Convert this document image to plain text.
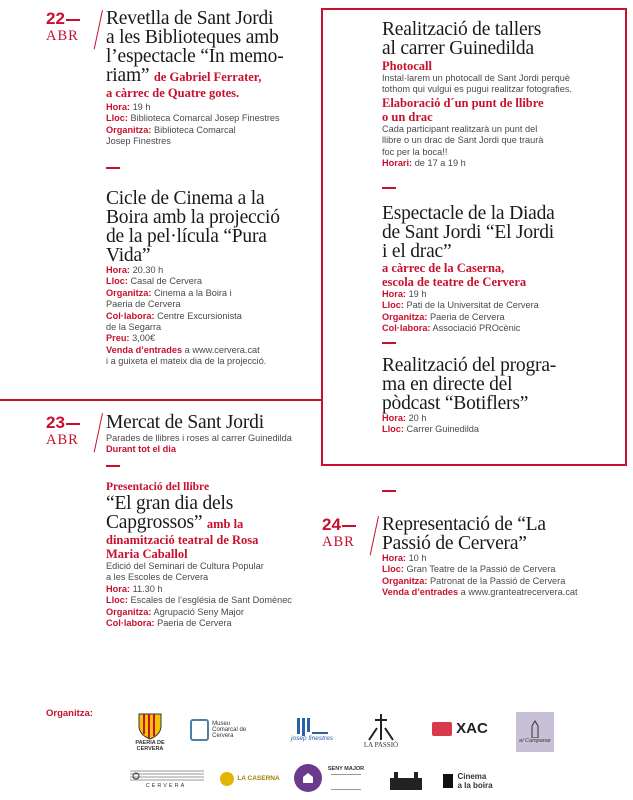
22
ABR
Revetlla de Sant Jordi
a les Biblioteques amb
l’espectacle “In memo-
riam” de Gabriel Ferrater,
a càrrec de Quatre gotes.
Hora: 19 h
Lloc: Biblioteca Comarcal Josep Finestres
Organitza: Biblioteca Comarcal
Josep Finestres
Cicle de Cinema a la
Boira amb la projecció
de la pel·lícula “Pura
Vida”
Hora: 20.30 h
Lloc: Casal de Cervera
Organitza: Cinema a la Boira i
Paeria de Cervera
Col·labora: Centre Excursionista
de la Segarra
Preu: 3,00€
Venda d’entrades a www.cervera.cat
i a guixeta el mateix dia de la projecció.
23
ABR
Mercat de Sant Jordi
Parades de llibres i roses al carrer Guinedilda
Durant tot el dia
Presentació del llibre
“El gran dia dels
Capgrossos” amb la
dinamització teatral de Rosa
Maria Caballol
Edició del Seminari de Cultura Popular
a les Escoles de Cervera
Hora: 11.30 h
Lloc: Escales de l’església de Sant Domènec
Organitza: Agrupació Seny Major
Col·labora: Paeria de Cervera
Realització de tallers
al carrer Guinedilda
Photocall
Instal·larem un photocall de Sant Jordi perquè
tothom qui vulgui es pugui realitzar fotografies.
Elaboració d´un punt de llibre
o un drac
Cada participant realitzarà un punt del
llibre o un drac de Sant Jordi que traurà
foc per la boca!!
Horari: de 17 a 19 h
Espectacle de la Diada
de Sant Jordi “El Jordi
i el drac”
a càrrec de la Caserna,
escola de teatre de Cervera
Hora: 19 h
Lloc: Pati de la Universitat de Cervera
Organitza: Paeria de Cervera
Col·labora: Associació PROcènic
Realització del progra-
ma en directe del
pòdcast “Botiflers”
Hora: 20 h
Lloc: Carrer Guinedilda
24
ABR
Representació de “La
Passió de Cervera”
Hora: 10 h
Lloc: Gran Teatre de la Passió de Cervera
Organitza: Patronat de la Passió de Cervera
Venda d’entrades a www.granteatrecervera.cat
Organitza:
PAERIA DE CERVERA
Museu Comarcal de Cervera	josep finestres
LA PASSIÓ
XAC
el Campanar
CERVERA
LA CASERNA
SENY MAJOR
Cinema
a la boira
